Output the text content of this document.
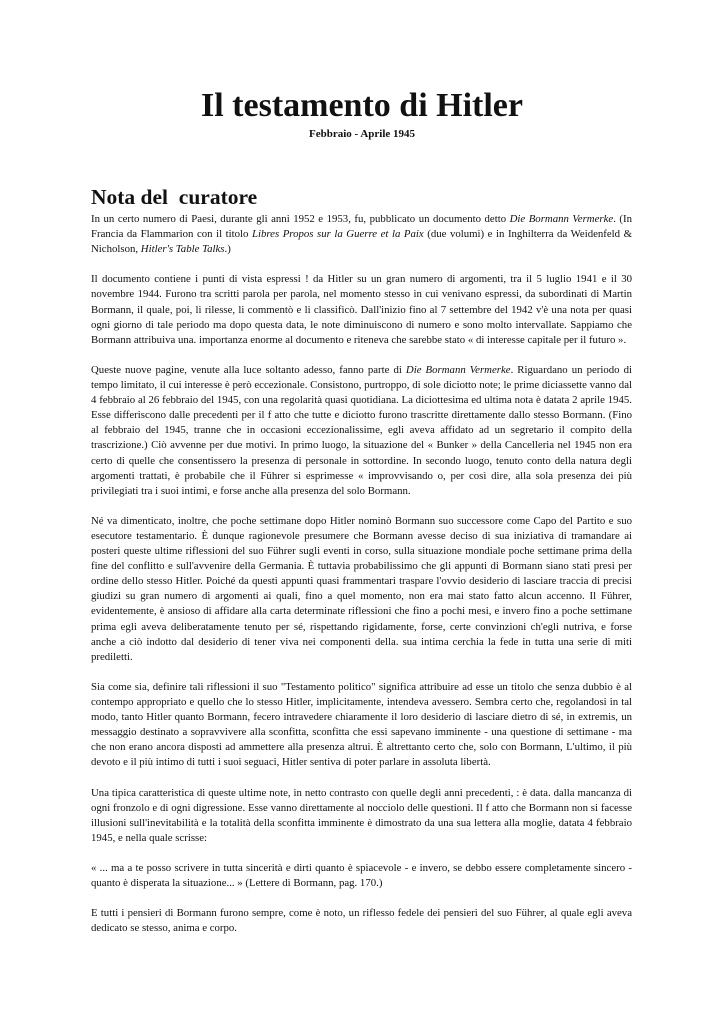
Il testamento di Hitler
Febbraio - Aprile 1945
Nota del  curatore

In un certo numero di Paesi, durante gli anni 1952 e 1953, fu, pubblicato un documento detto Die Bormann Vermerke. (In Francia da Flammarion con il titolo Libres Propos sur la Guerre et la Paix (due volumi) e in Inghilterra da Weidenfeld & Nicholson, Hitler's Table Talks.)

Il documento contiene i punti di vista espressi ! da Hitler su un gran numero di argomenti, tra il 5 luglio 1941 e il 30 novembre 1944. Furono tra scritti parola per parola, nel momento stesso in cui venivano espressi, da subordinati di Martin Bormann, il quale, poi, li rilesse, li commentò e li classificò. Dall'inizio fino al 7 settembre del 1942 v'è una nota per quasi ogni giorno di tale periodo ma dopo questa data, le note diminuiscono di numero e sono molto intervallate. Sappiamo che Bormann attribuiva una. importanza enorme al documento e riteneva che sarebbe stato « di interesse capitale per il futuro ».

Queste nuove pagine, venute alla luce soltanto adesso, fanno parte di Die Bormann Vermerke. Riguardano un periodo di tempo limitato, il cui interesse è però eccezionale. Consistono, purtroppo, di sole diciotto note; le prime diciassette vanno dal 4 febbraio al 26 febbraio del 1945, con una regolarità quasi quotidiana. La diciottesima ed ultima nota è datata 2 aprile 1945. Esse differiscono dalle precedenti per il f atto che tutte e diciotto furono trascritte direttamente dallo stesso Bormann. (Fino al febbraio del 1945, tranne che in occasioni eccezionalissime, egli aveva affidato ad un segretario il compito della trascrizione.) Ciò avvenne per due motivi. In primo luogo, la situazione del « Bunker » della Cancelleria nel 1945 non era certo di quelle che consentissero la presenza di personale in sottordine. In secondo luogo, tenuto conto della natura degli argomenti trattati, è probabile che il Führer si esprimesse « improvvisando o, per così dire, alla sola presenza dei più privilegiati tra i suoi intimi, e forse anche alla presenza del solo Bormann.

Né va dimenticato, inoltre, che poche settimane dopo Hitler nominò Bormann suo successore come Capo del Partito e suo esecutore testamentario. È dunque ragionevole presumere che Bormann avesse deciso di sua iniziativa di tramandare ai posteri queste ultime riflessioni del suo Führer sugli eventi in corso, sulla situazione mondiale poche settimane prima della fine del conflitto e sull'avvenire della Germania. È tuttavia probabilissimo che gli appunti di Bormann siano stati presi per ordine dello stesso Hitler. Poiché da questi appunti quasi frammentari traspare l'ovvio desiderio di lasciare traccia di precisi giudizi su gran numero di argomenti ai quali, fino a quel momento, non era mai stato fatto alcun accenno. Il Führer, evidentemente, è ansioso di affidare alla carta determinate riflessioni che fino a pochi mesi, e invero fino a poche settimane prima egli aveva deliberatamente tenuto per sé, rispettando rigidamente, forse, certe convinzioni ch'egli nutriva, e forse anche a ciò indotto dal desiderio di tener viva nei componenti della. sua intima cerchia la fede in tutta una serie di miti prediletti.

Sia come sia, definire tali riflessioni il suo "Testamento politico" significa attribuire ad esse un titolo che senza dubbio è al contempo appropriato e quello che lo stesso Hitler, implicitamente, intendeva avessero. Sembra certo che, regolandosi in tal modo, tanto Hitler quanto Bormann, fecero intravedere chiaramente il loro desiderio di lasciare dietro di sé, in extremis, un messaggio destinato a sopravvivere alla sconfitta, sconfitta che essi sapevano imminente - una questione di settimane - ma che non erano ancora disposti ad ammettere alla presenza altrui. È altrettanto certo che, solo con Bormann, L'ultimo, il più devoto e il più intimo di tutti i suoi seguaci, Hitler sentiva di poter parlare in assoluta libertà.

Una tipica caratteristica di queste ultime note, in netto contrasto con quelle degli anni precedenti, : è data. dalla mancanza di ogni fronzolo e di ogni digressione. Esse vanno direttamente al nocciolo delle questioni. Il f atto che Bormann non si facesse illusioni sull'inevitabilità e la totalità della sconfitta imminente è dimostrato da una sua lettera alla moglie, datata 4 febbraio 1945, e nella quale scrisse:

« ... ma a te posso scrivere in tutta sincerità e dirti quanto è spiacevole - e invero, se debbo essere completamente sincero - quanto è disperata la situazione... » (Lettere di Bormann, pag. 170.)

E tutti i pensieri di Bormann furono sempre, come è noto, un riflesso fedele dei pensieri del suo Führer, al quale egli aveva dedicato se stesso, anima e corpo.
